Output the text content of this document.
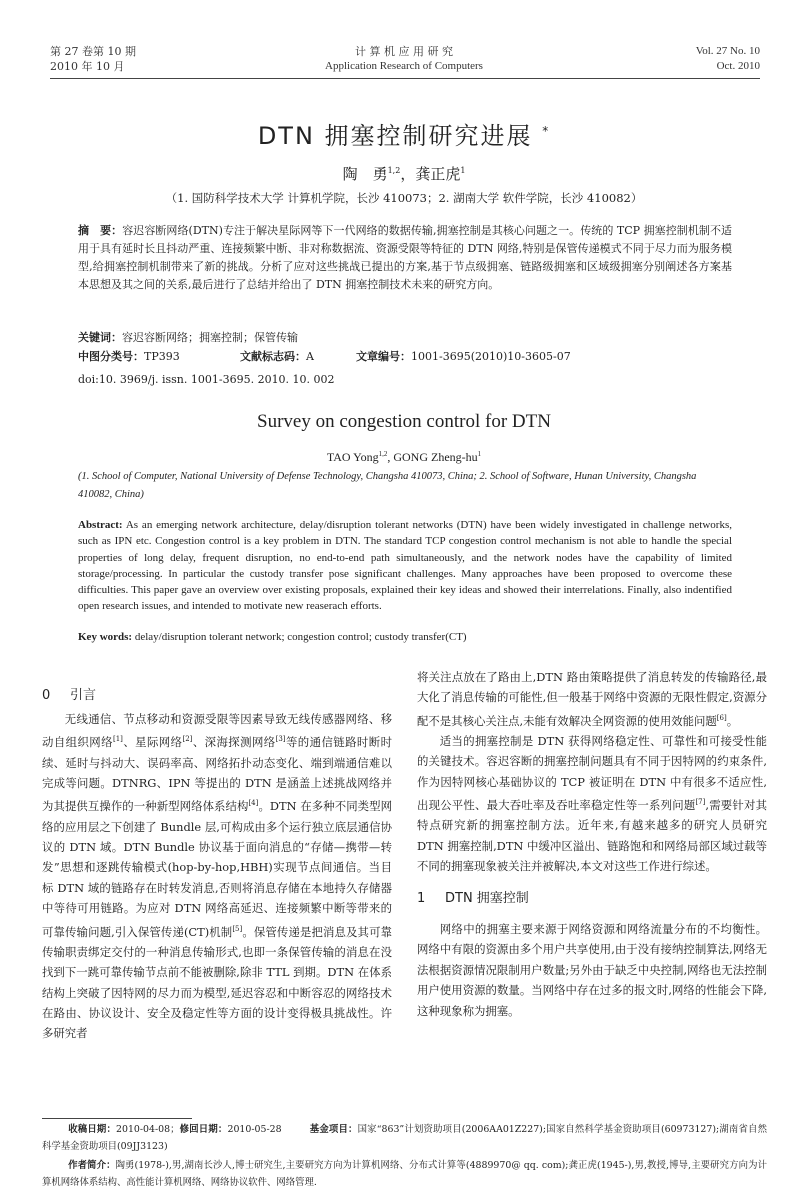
第 27 卷第 10 期
2010 年 10 月
计 算 机 应 用 研 究
Application Research of Computers
Vol. 27 No. 10
Oct. 2010
DTN 拥塞控制研究进展 *
陶　勇$^{1,2}$，龚正虎$^1$
（1. 国防科学技术大学 计算机学院，长沙 410073；2. 湖南大学 软件学院，长沙 410082）
摘　要：容迟容断网络(DTN)专注于解决星际网等下一代网络的数据传输,拥塞控制是其核心问题之一。传统的 TCP 拥塞控制机制不适用于具有延时长且抖动严重、连接频繁中断、非对称数据流、资源受限等特征的 DTN 网络,特别是保管传递模式不同于尽力而为服务模型,给拥塞控制机制带来了新的挑战。分析了应对这些挑战已提出的方案,基于节点级拥塞、链路级拥塞和区域级拥塞分别阐述各方案基本思想及其之间的关系,最后进行了总结并给出了 DTN 拥塞控制技术未来的研究方向。
关键词：容迟容断网络；拥塞控制；保管传输
中图分类号：TP393	文献标志码：A	文章编号：1001-3695(2010)10-3605-07
doi:10. 3969/j. issn. 1001-3695. 2010. 10. 002
Survey on congestion control for DTN
TAO Yong$^{1,2}$, GONG Zheng-$hu^1$
(1. School of Computer, National University of Defense Technology, Changsha 410073, China; 2. School of Software, Hunan University, Changsha 410082, China)
Abstract: As an emerging network architecture, delay/disruption tolerant networks (DTN) have been widely investigated in challenge networks, such as IPN etc. Congestion control is a key problem in DTN. The standard TCP congestion control mechanism is not able to handle the special properties of long delay, frequent disruption, no end-to-end path simultaneously, and the network nodes have the capability of limited storage/processing. In particular the custody transfer pose significant challenges. Many approaches have been proposed to overcome these difficulties. This paper gave an overview over existing proposals, explained their key ideas and showed their interrelations. Finally, also indentified open research issues, and intended to motivate new reaserach efforts.
Key words: delay/disruption tolerant network; congestion control; custody transfer(CT)
0 引言

无线通信、节点移动和资源受限等因素导致无线传感器网络、移动自组织网络[1]、星际网络[2]、深海探测网络[3]等的通信链路时断时续、延时与抖动大、误码率高、网络拓扑动态变化、端到端通信难以完成等问题。DTNRG、IPN 等提出的 DTN 是涵盖上述挑战网络并为其提供互操作的一种新型网络体系结构[4]。DTN 在多种不同类型网络的应用层之下创建了 Bundle 层,可构成由多个运行独立底层通信协议的 DTN 域。DTN Bundle 协议基于面向消息的“存储—携带—转发”思想和逐跳传输模式(hop-by-hop,HBH)实现节点间通信。当目标 DTN 域的链路存在时转发消息,否则将消息存储在本地持久存储器中等待可用链路。为应对 DTN 网络高延迟、连接频繁中断等带来的可靠传输问题,引入保管传递(CT)机制[5]。保管传递是把消息及其可靠传输职责绑定交付的一种消息传输形式,也即一条保管传输的消息在没找到下一跳可靠传输节点前不能被删除,除非 TTL 到期。DTN 在体系结构上突破了因特网的尽力而为模型,延迟容忍和中断容忍的网络技术在路由、协议设计、安全及稳定性等方面的设计变得极具挑战性。许多研究者

将关注点放在了路由上,DTN 路由策略提供了消息转发的传输路径,最大化了消息传输的可能性,但一般基于网络中资源的无限性假定,资源分配不是其核心关注点,未能有效解决全网资源的使用效能问题[6]。

适当的拥塞控制是 DTN 获得网络稳定性、可靠性和可接受性能的关键技术。容迟容断的拥塞控制问题具有不同于因特网的约束条件,作为因特网核心基础协议的 TCP 被证明在 DTN 中有很多不适应性,出现公平性、最大吞吐率及吞吐率稳定性等一系列问题[7],需要针对其特点研究新的拥塞控制方法。近年来,有越来越多的研究人员研究 DTN 拥塞控制,DTN 中缓冲区溢出、链路饱和和网络局部区域过载等不同的拥塞现象被关注并被解决,本文对这些工作进行综述。

1 DTN 拥塞控制

网络中的拥塞主要来源于网络资源和网络流量分布的不均衡性。网络中有限的资源由多个用户共享使用,由于没有接纳控制算法,网络无法根据资源情况限制用户数量;另外由于缺乏中央控制,网络也无法控制用户使用资源的数量。当网络中存在过多的报文时,网络的性能会下降,这种现象称为拥塞。

收稿日期：2010-04-08；修回日期：2010-05-28	基金项目：国家“863”计划资助项目(2006AA01Z227);国家自然科学基金资助项目(60973127);湖南省自然科学基金资助项目(09JJ3123)
作者简介：陶勇(1978-),男,湖南长沙人,博士研究生,主要研究方向为计算机网络、分布式计算等(4889970@ qq. com);龚正虎(1945-),男,教授,博导,主要研究方向为计算机网络体系结构、高性能计算机网络、网络协议软件、网络管理.
